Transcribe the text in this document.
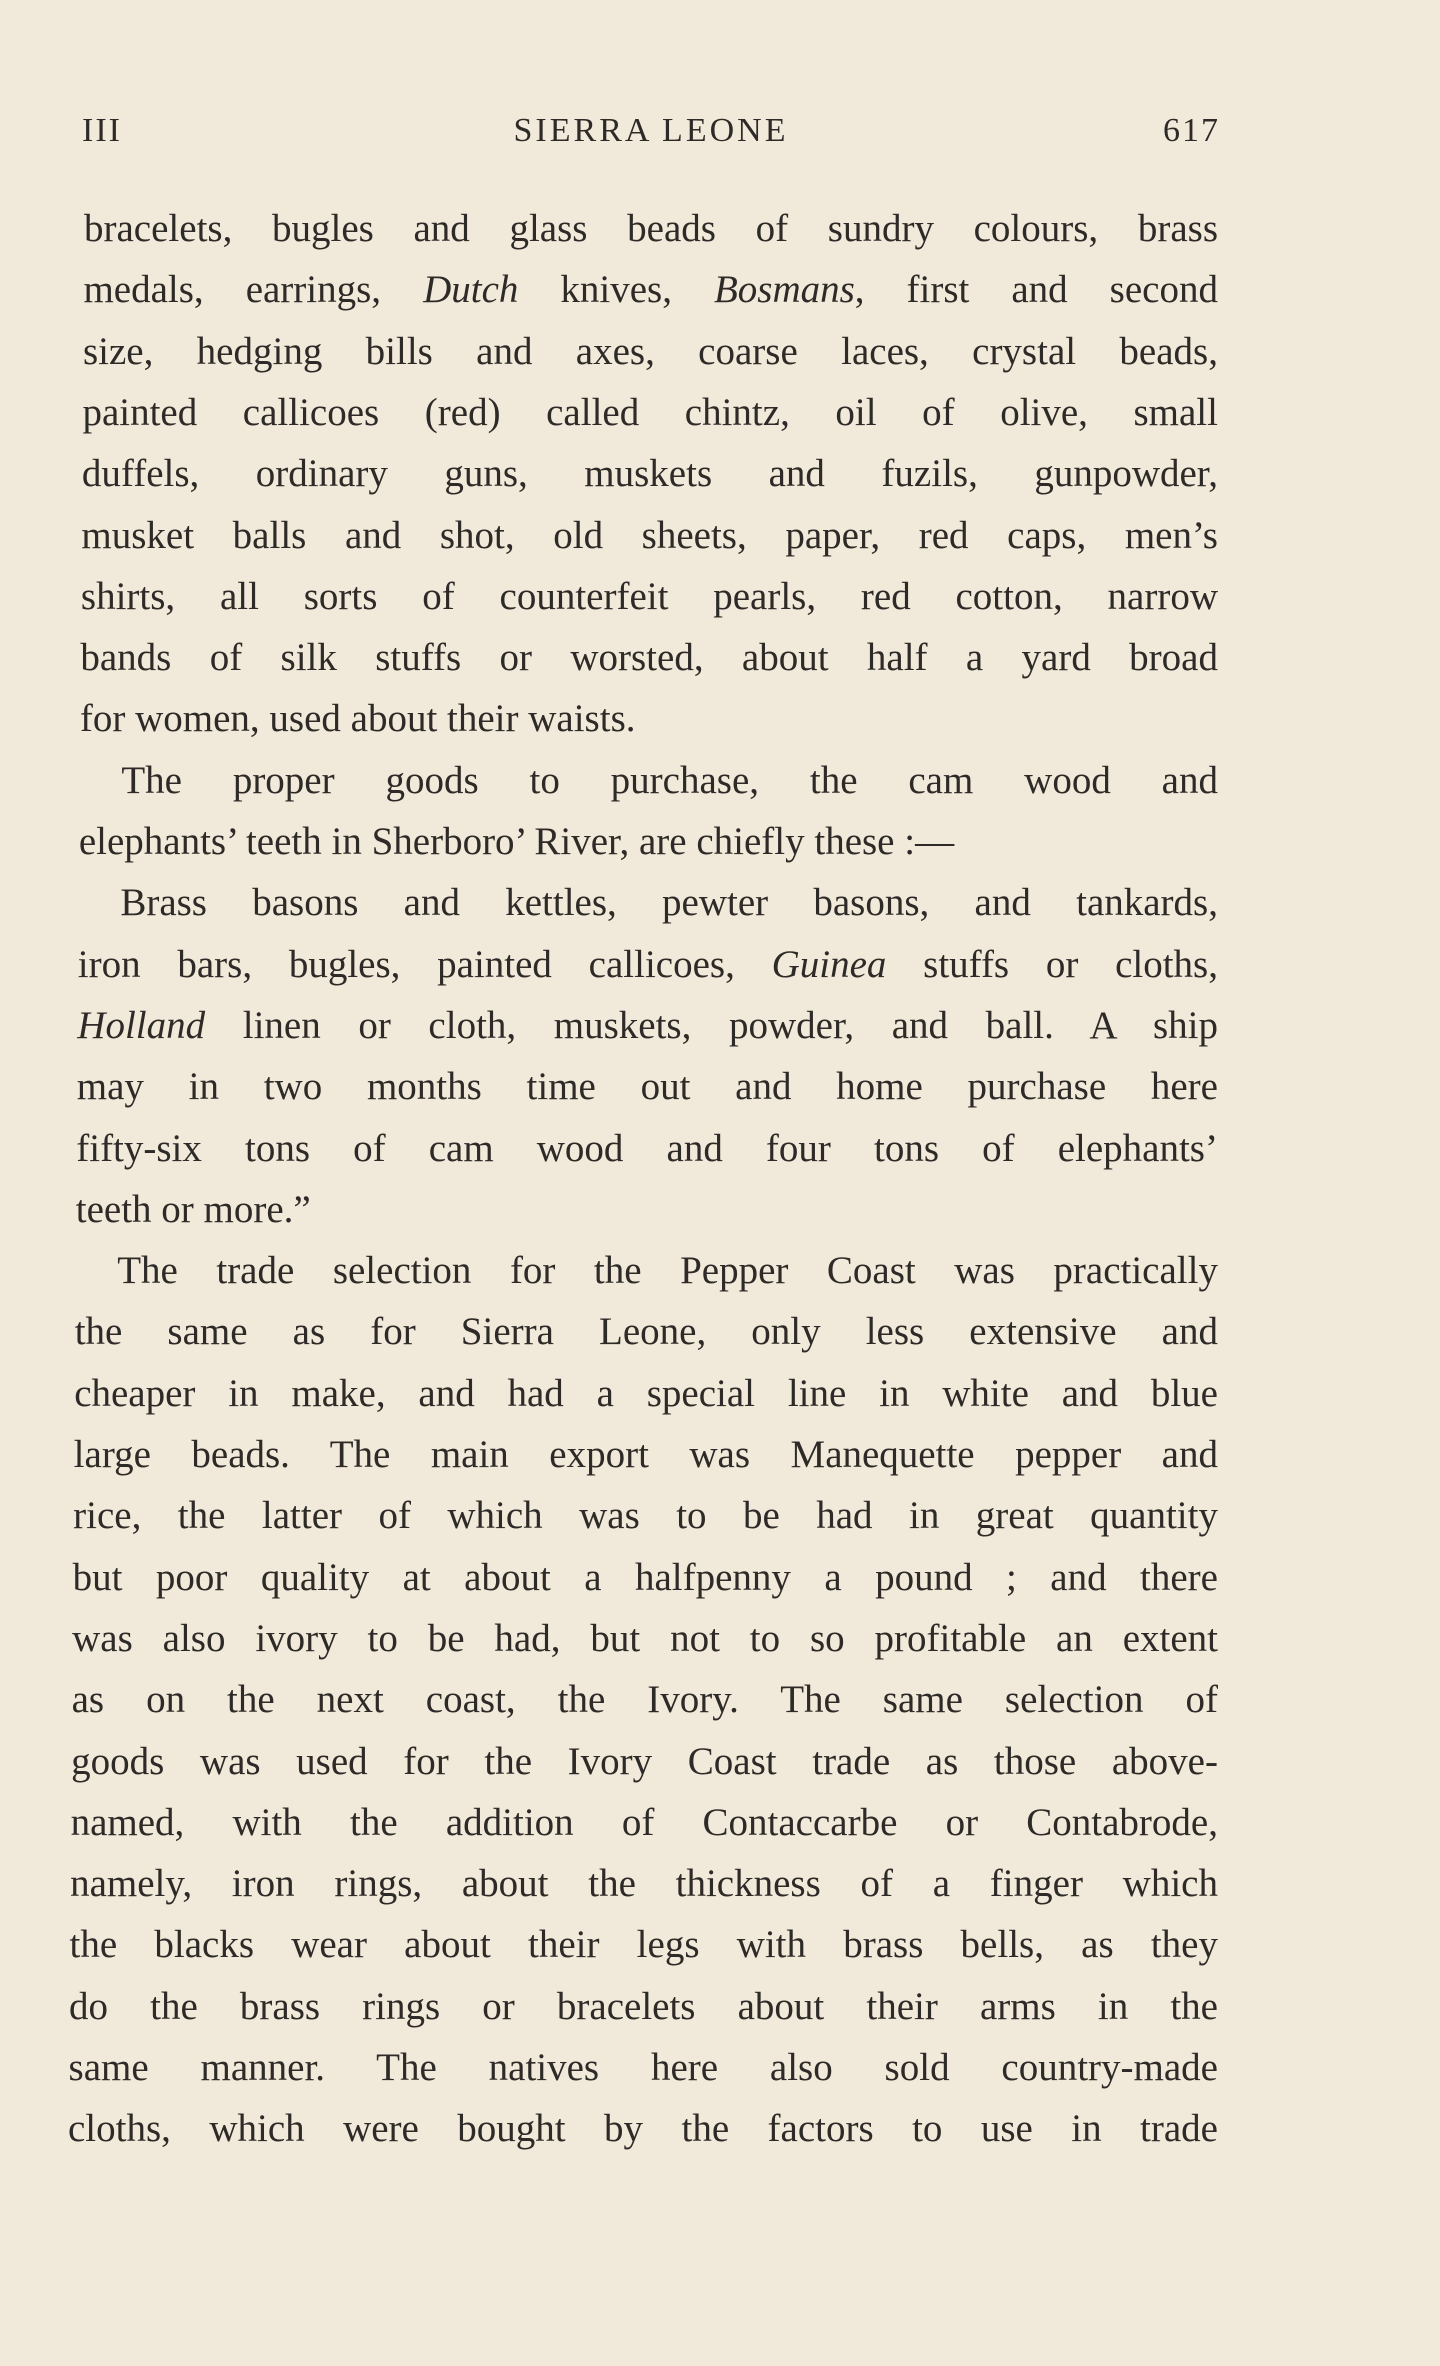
III	SIERRA LEONE	617
bracelets, bugles and glass beads of sundry colours, brass
medals, earrings, Dutch knives, Bosmans, first and second
size, hedging bills and axes, coarse laces, crystal beads,
painted callicoes (red) called chintz, oil of olive, small
duffels, ordinary guns, muskets and fuzils, gunpowder,
musket balls and shot, old sheets, paper, red caps, men’s
shirts, all sorts of counterfeit pearls, red cotton, narrow
bands of silk stuffs or worsted, about half a yard broad
for women, used about their waists.
The proper goods to purchase, the cam wood and
elephants’ teeth in Sherboro’ River, are chiefly these :—
Brass basons and kettles, pewter basons, and tankards,
iron bars, bugles, painted callicoes, Guinea stuffs or cloths,
Holland linen or cloth, muskets, powder, and ball. A ship
may in two months time out and home purchase here
fifty-six tons of cam wood and four tons of elephants’
teeth or more.”
The trade selection for the Pepper Coast was practically
the same as for Sierra Leone, only less extensive and
cheaper in make, and had a special line in white and blue
large beads. The main export was Manequette pepper and
rice, the latter of which was to be had in great quantity
but poor quality at about a halfpenny a pound ; and there
was also ivory to be had, but not to so profitable an extent
as on the next coast, the Ivory. The same selection of
goods was used for the Ivory Coast trade as those above-
named, with the addition of Contaccarbe or Contabrode,
namely, iron rings, about the thickness of a finger which
the blacks wear about their legs with brass bells, as they
do the brass rings or bracelets about their arms in the
same manner. The natives here also sold country-made
cloths, which were bought by the factors to use in trade
